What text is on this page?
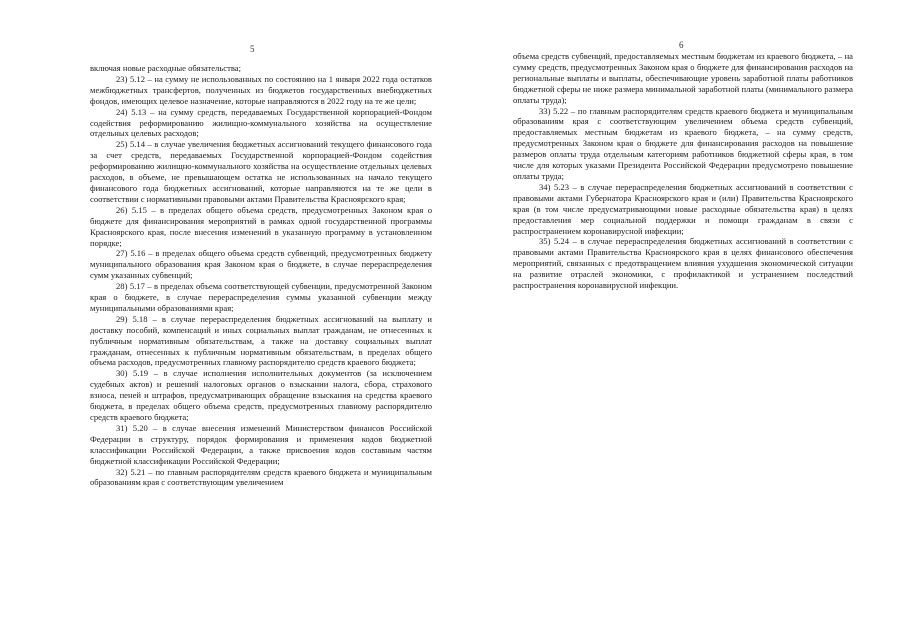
5

включая новые расходные обязательства;

23) 5.12 – на сумму не использованных по состоянию на 1 января 2022 года остатков межбюджетных трансфертов, полученных из бюджетов государственных внебюджетных фондов, имеющих целевое назначение, которые направляются в 2022 году на те же цели;

24) 5.13 – на сумму средств, передаваемых Государственной корпорацией-Фондом содействия реформированию жилищно-коммунального хозяйства на осуществление отдельных целевых расходов;

25) 5.14 – в случае увеличения бюджетных ассигнований текущего финансового года за счет средств, передаваемых Государственной корпорацией-Фондом содействия реформированию жилищно-коммунального хозяйства на осуществление отдельных целевых расходов, в объеме, не превышающем остатка не использованных на начало текущего финансового года бюджетных ассигнований, которые направляются на те же цели в соответствии с нормативными правовыми актами Правительства Красноярского края;

26) 5.15 – в пределах общего объема средств, предусмотренных Законом края о бюджете для финансирования мероприятий в рамках одной государственной программы Красноярского края, после внесения изменений в указанную программу в установленном порядке;

27) 5.16 – в пределах общего объема средств субвенций, предусмотренных бюджету муниципального образования края Законом края о бюджете, в случае перераспределения сумм указанных субвенций;

28) 5.17 – в пределах объема соответствующей субвенции, предусмотренной Законом края о бюджете, в случае перераспределения суммы указанной субвенции между муниципальными образованиями края;

29) 5.18 – в случае перераспределения бюджетных ассигнований на выплату и доставку пособий, компенсаций и иных социальных выплат гражданам, не отнесенных к публичным нормативным обязательствам, а также на доставку социальных выплат гражданам, отнесенных к публичным нормативным обязательствам, в пределах общего объема расходов, предусмотренных главному распорядителю средств краевого бюджета;

30) 5.19 – в случае исполнения исполнительных документов (за исключением судебных актов) и решений налоговых органов о взыскании налога, сбора, страхового взноса, пеней и штрафов, предусматривающих обращение взыскания на средства краевого бюджета, в пределах общего объема средств, предусмотренных главному распорядителю средств краевого бюджета;

31) 5.20 – в случае внесения изменений Министерством финансов Российской Федерации в структуру, порядок формирования и применения кодов бюджетной классификации Российской Федерации, а также присвоения кодов составным частям бюджетной классификации Российской Федерации;

32) 5.21 – по главным распорядителям средств краевого бюджета и муниципальным образованиям края с соответствующим увеличением

6

объема средств субвенций, предоставляемых местным бюджетам из краевого бюджета, – на сумму средств, предусмотренных Законом края о бюджете для финансирования расходов на региональные выплаты и выплаты, обеспечивающие уровень заработной платы работников бюджетной сферы не ниже размера минимальной заработной платы (минимального размера оплаты труда);

33) 5.22 – по главным распорядителям средств краевого бюджета и муниципальным образованиям края с соответствующим увеличением объема средств субвенций, предоставляемых местным бюджетам из краевого бюджета, – на сумму средств, предусмотренных Законом края о бюджете для финансирования расходов на повышение размеров оплаты труда отдельным категориям работников бюджетной сферы края, в том числе для которых указами Президента Российской Федерации предусмотрено повышение оплаты труда;

34) 5.23 – в случае перераспределения бюджетных ассигнований в соответствии с правовыми актами Губернатора Красноярского края и (или) Правительства Красноярского края (в том числе предусматривающими новые расходные обязательства края) в целях предоставления мер социальной поддержки и помощи гражданам в связи с распространением коронавирусной инфекции;

35) 5.24 – в случае перераспределения бюджетных ассигнований в соответствии с правовыми актами Правительства Красноярского края в целях финансового обеспечения мероприятий, связанных с предотвращением влияния ухудшения экономической ситуации на развитие отраслей экономики, с профилактикой и устранением последствий распространения коронавирусной инфекции.
